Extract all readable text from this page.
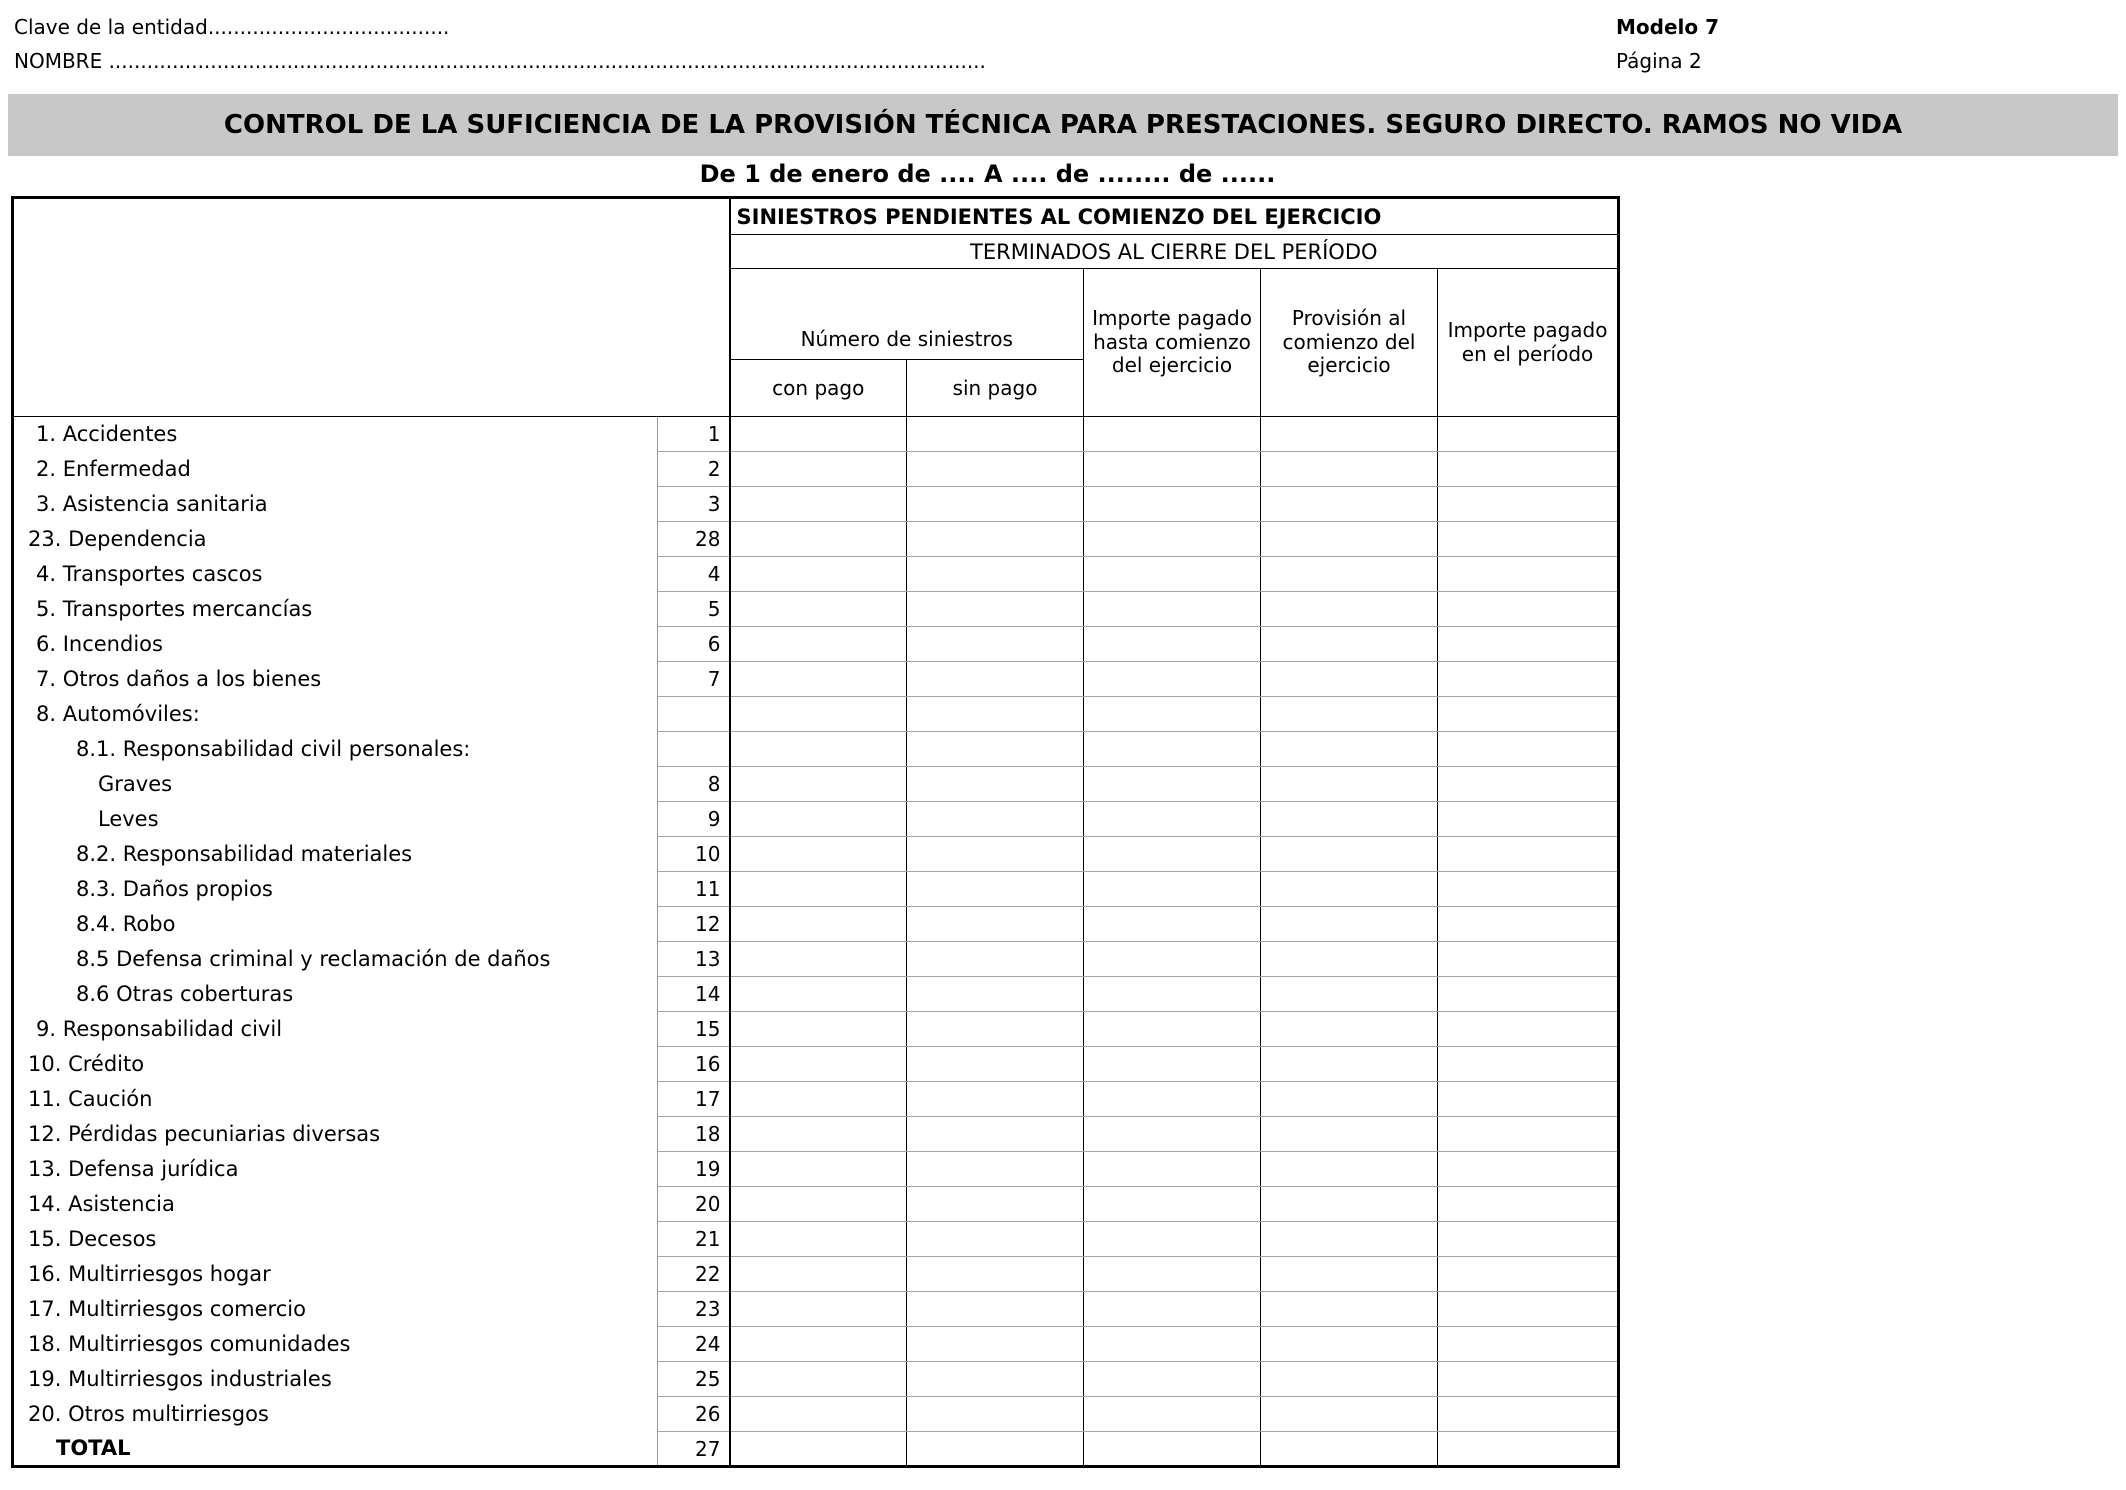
Clave de la entidad......................................
NOMBRE ..........................................................................................................................................
Modelo 7
Página 2
CONTROL DE LA SUFICIENCIA DE LA PROVISIÓN TÉCNICA PARA PRESTACIONES. SEGURO DIRECTO. RAMOS NO VIDA
De 1 de enero de .... A .... de ........ de ......
		SINIESTROS PENDIENTES AL COMIENZO DEL EJERCICIO				
		TERMINADOS AL CIERRE DEL PERÍODO				
		Número de siniestros		Importe pagado hasta comienzo del ejercicio	Provisión al comienzo del ejercicio	Importe pagado en el período
		con pago	sin pago			
1. Accidentes	1					
2. Enfermedad	2					
3. Asistencia sanitaria	3					
23. Dependencia	28					
4. Transportes cascos	4					
5. Transportes mercancías	5					
6. Incendios	6					
7. Otros daños a los bienes	7					
8. Automóviles:						
8.1. Responsabilidad civil personales:						
Graves	8					
Leves	9					
8.2. Responsabilidad materiales	10					
8.3. Daños propios	11					
8.4. Robo	12					
8.5 Defensa criminal y reclamación de daños	13					
8.6 Otras coberturas	14					
9. Responsabilidad civil	15					
10. Crédito	16					
11. Caución	17					
12. Pérdidas pecuniarias diversas	18					
13. Defensa jurídica	19					
14. Asistencia	20					
15. Decesos	21					
16. Multirriesgos hogar	22					
17. Multirriesgos comercio	23					
18. Multirriesgos comunidades	24					
19. Multirriesgos industriales	25					
20. Otros multirriesgos	26					
TOTAL	27					
